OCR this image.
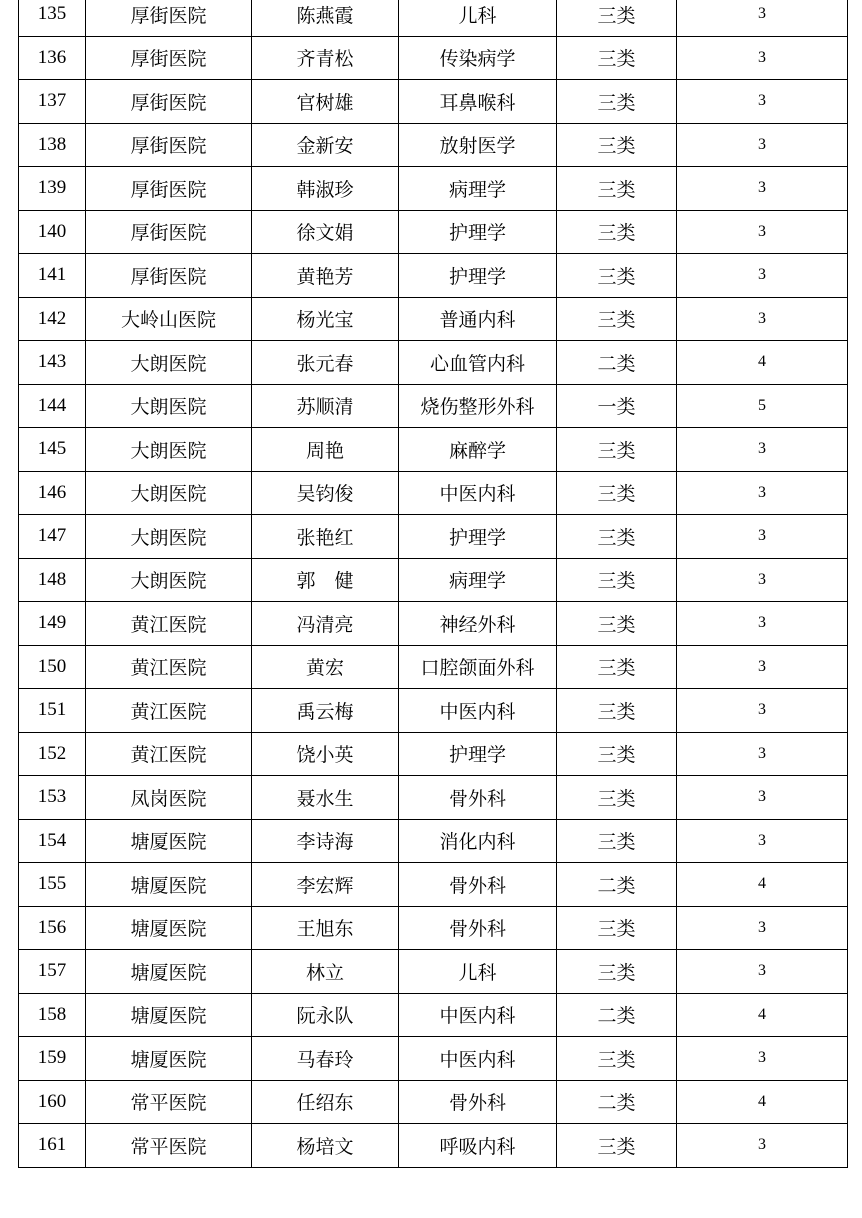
135	厚街医院	陈燕霞	儿科	三类	3
136	厚街医院	齐青松	传染病学	三类	3
137	厚街医院	官树雄	耳鼻喉科	三类	3
138	厚街医院	金新安	放射医学	三类	3
139	厚街医院	韩淑珍	病理学	三类	3
140	厚街医院	徐文娟	护理学	三类	3
141	厚街医院	黄艳芳	护理学	三类	3
142	大岭山医院	杨光宝	普通内科	三类	3
143	大朗医院	张元春	心血管内科	二类	4
144	大朗医院	苏顺清	烧伤整形外科	一类	5
145	大朗医院	周艳	麻醉学	三类	3
146	大朗医院	吴钧俊	中医内科	三类	3
147	大朗医院	张艳红	护理学	三类	3
148	大朗医院	郭　健	病理学	三类	3
149	黄江医院	冯清亮	神经外科	三类	3
150	黄江医院	黄宏	口腔颌面外科	三类	3
151	黄江医院	禹云梅	中医内科	三类	3
152	黄江医院	饶小英	护理学	三类	3
153	凤岗医院	聂水生	骨外科	三类	3
154	塘厦医院	李诗海	消化内科	三类	3
155	塘厦医院	李宏辉	骨外科	二类	4
156	塘厦医院	王旭东	骨外科	三类	3
157	塘厦医院	林立	儿科	三类	3
158	塘厦医院	阮永队	中医内科	二类	4
159	塘厦医院	马春玲	中医内科	三类	3
160	常平医院	任绍东	骨外科	二类	4
161	常平医院	杨培文	呼吸内科	三类	3
